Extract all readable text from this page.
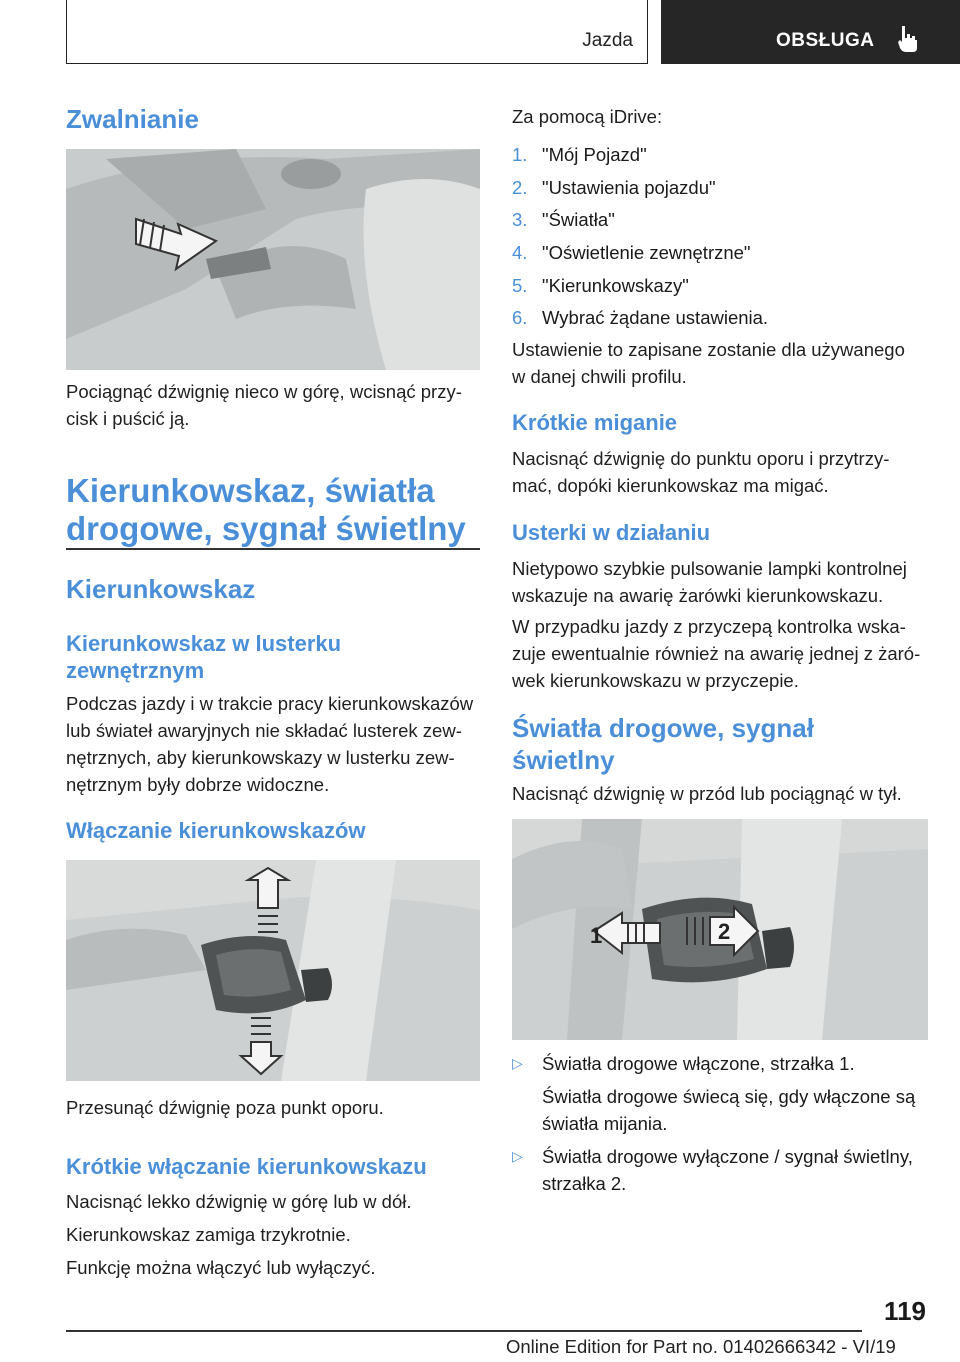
Jazda	OBSŁUGA
Zwalnianie

Pociągnąć dźwignię nieco w górę, wcisnąć przy‐

cisk i puścić ją.

Kierunkowskaz, światła
drogowe, sygnał świetlny
Kierunkowskaz
Kierunkowskaz w lusterku
zewnętrznym

Podczas jazdy i w trakcie pracy kierunkowskazów

lub świateł awaryjnych nie składać lusterek zew‐

nętrznych, aby kierunkowskazy w lusterku zew‐

nętrznym były dobrze widoczne.

Włączanie kierunkowskazów

Przesunąć dźwignię poza punkt oporu.

Krótkie włączanie kierunkowskazu

Nacisnąć lekko dźwignię w górę lub w dół.

Kierunkowskaz zamiga trzykrotnie.

Funkcję można włączyć lub wyłączyć.

Za pomocą iDrive:

1. "Mój Pojazd"
2. "Ustawienia pojazdu"
3. "Światła"
4. "Oświetlenie zewnętrzne"
5. "Kierunkowskazy"
6. Wybrać żądane ustawienia.

Ustawienie to zapisane zostanie dla używanego

w danej chwili profilu.

Krótkie miganie

Nacisnąć dźwignię do punktu oporu i przytrzy‐

mać, dopóki kierunkowskaz ma migać.

Usterki w działaniu

Nietypowo szybkie pulsowanie lampki kontrolnej

wskazuje na awarię żarówki kierunkowskazu.

W przypadku jazdy z przyczepą kontrolka wska‐

zuje ewentualnie również na awarię jednej z żaró‐

wek kierunkowskazu w przyczepie.

Światła drogowe, sygnał
świetlny

Nacisnąć dźwignię w przód lub pociągnąć w tył.

1	2
▷ Światła drogowe włączone, strzałka 1.
Światła drogowe świecą się, gdy włączone są
światła mijania.
▷ Światła drogowe wyłączone / sygnał świetlny,
strzałka 2.
119
Online Edition for Part no. 01402666342 - VI/19
